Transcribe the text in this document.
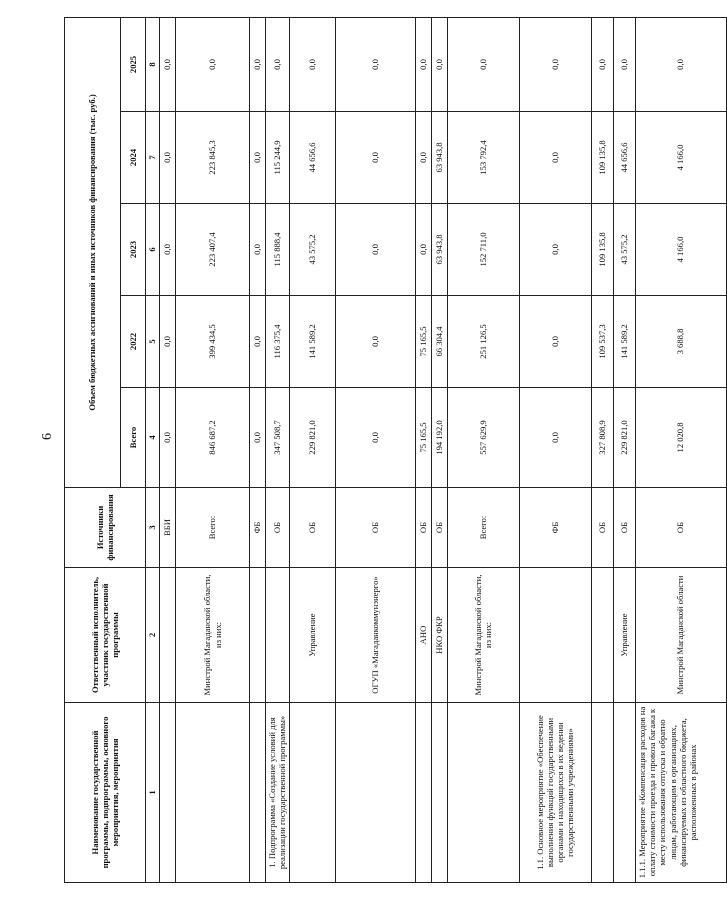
6
Наименование государственной программы, подпрограммы, основного мероприятия, мероприятия	Ответственный исполнитель, участник государственной программы	Источники финансирования	Объем бюджетных ассигнований и иных источников финансирования (тыс. руб.)				
			Всего	2022	2023	2024	2025
1	2	3	4	5	6	7	8
		ВБИ	0,0	0,0	0,0	0,0	0,0
	Минстрой Магаданской области, из них:	Всего:	846 687,2	399 434,5	223 407,4	223 845,3	0,0
		ФБ	0,0	0,0	0,0	0,0	0,0
1. Подпрограмма «Создание условий для реализации государственной программы»		ОБ	347 508,7	116 375,4	115 888,4	115 244,9	0,0
	Управление	ОБ	229 821,0	141 589,2	43 575,2	44 656,6	0,0
	ОГУП «Магаданкоммунэнерго»	ОБ	0,0	0,0	0,0	0,0	0,0
	АНО	ОБ	75 165,5	75 165,5	0,0	0,0	0,0
	НКО ФКР	ОБ	194 192,0	66 304,4	63 943,8	63 943,8	0,0
	Минстрой Магаданской области, из них:	Всего:	557 629,9	251 126,5	152 711,0	153 792,4	0,0
1.1. Основное мероприятие «Обеспечение выполнения функций государственными органами и находящихся в их ведении государственными учреждениями»		ФБ	0,0	0,0	0,0	0,0	0,0
		ОБ	327 808,9	109 537,3	109 135,8	109 135,8	0,0
	Управление	ОБ	229 821,0	141 589,2	43 575,2	44 656,6	0,0
1.1.1. Мероприятие «Компенсация расходов на оплату стоимости проезда и провоза багажа к месту использования отпуска и обратно лицам, работающим в организациях, финансируемых из областного бюджета, расположенных в районах	Минстрой Магаданской области	ОБ	12 020,8	3 688,8	4 166,0	4 166,0	0,0
